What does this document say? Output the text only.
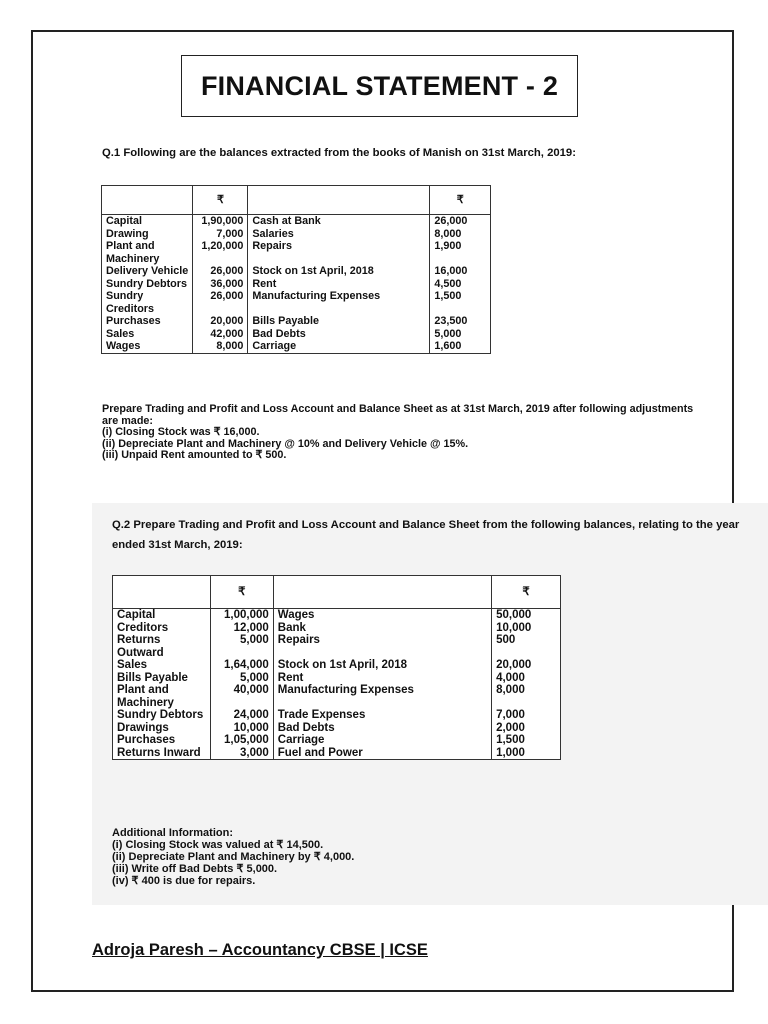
FINANCIAL STATEMENT - 2
Q.1 Following are the balances extracted from the books of Manish on 31st March, 2019:
	₹		₹
Capital	1,90,000	Cash at Bank	26,000
Drawing	7,000	Salaries	8,000
Plant and Machinery	1,20,000	Repairs	1,900
Delivery Vehicle	26,000	Stock on 1st April, 2018	16,000
Sundry Debtors	36,000	Rent	4,500
Sundry Creditors	26,000	Manufacturing Expenses	1,500
Purchases	20,000	Bills Payable	23,500
Sales	42,000	Bad Debts	5,000
Wages	8,000	Carriage	1,600
Prepare Trading and Profit and Loss Account and Balance Sheet as at 31st March, 2019 after following adjustments are made:
(i) Closing Stock was ₹ 16,000.
(ii) Depreciate Plant and Machinery @ 10% and Delivery Vehicle @ 15%.
(iii) Unpaid Rent amounted to ₹ 500.
Q.2 Prepare Trading and Profit and Loss Account and Balance Sheet from the following balances, relating to the year ended 31st March, 2019:
	₹		₹
Capital	1,00,000	Wages	50,000
Creditors	12,000	Bank	10,000
Returns Outward	5,000	Repairs	500
Sales	1,64,000	Stock on 1st April, 2018	20,000
Bills Payable	5,000	Rent	4,000
Plant and Machinery	40,000	Manufacturing Expenses	8,000
Sundry Debtors	24,000	Trade Expenses	7,000
Drawings	10,000	Bad Debts	2,000
Purchases	1,05,000	Carriage	1,500
Returns Inward	3,000	Fuel and Power	1,000
Additional Information:
(i) Closing Stock was valued at ₹ 14,500.
(ii) Depreciate Plant and Machinery by ₹ 4,000.
(iii) Write off Bad Debts ₹ 5,000.
(iv) ₹ 400 is due for repairs.
Adroja Paresh – Accountancy CBSE | ICSE
